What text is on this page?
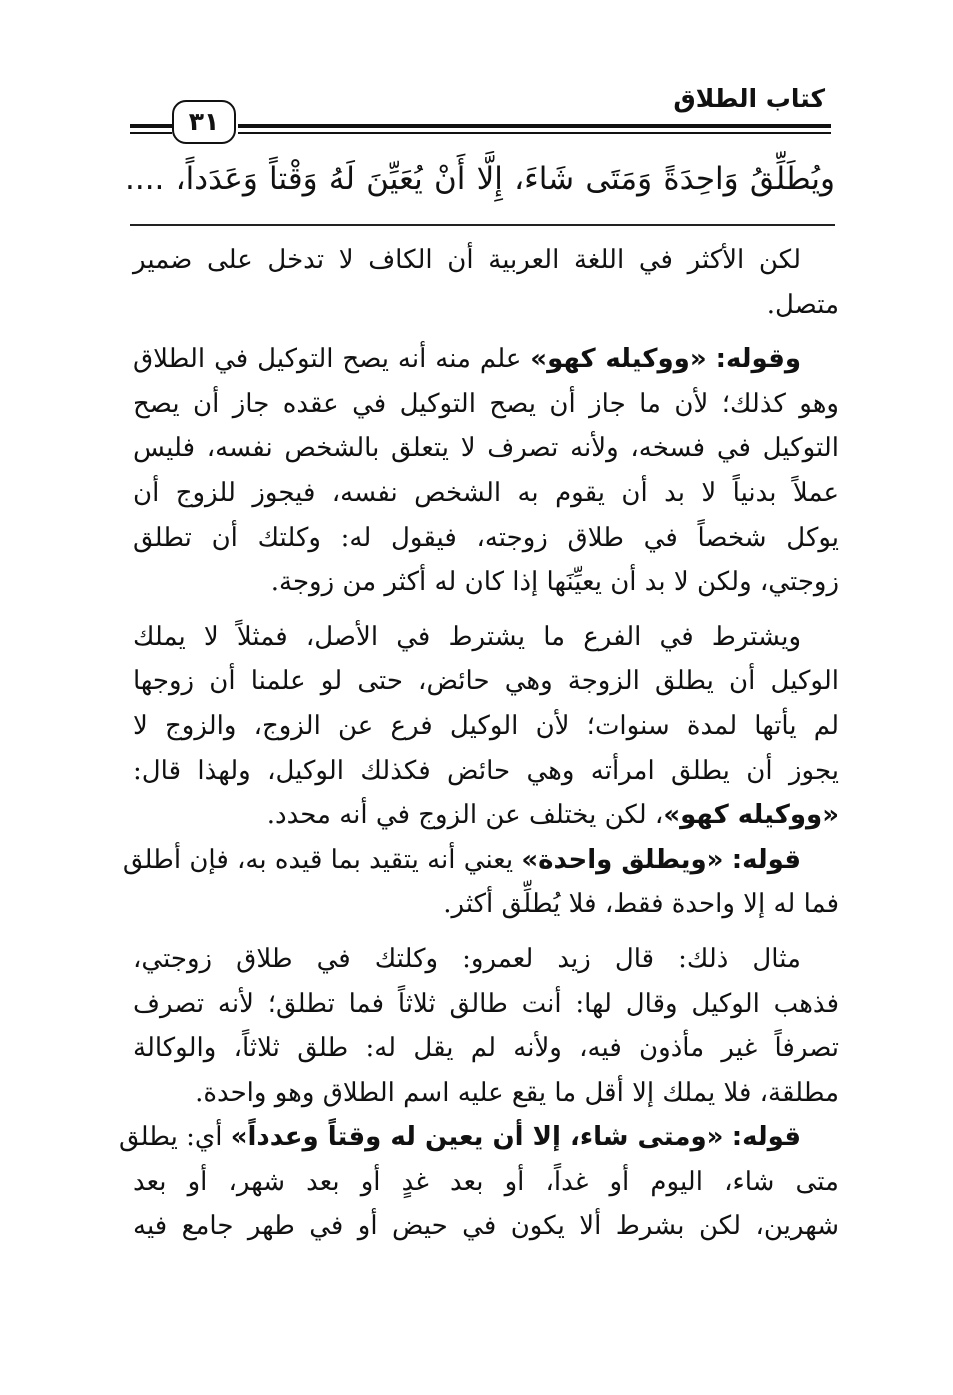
كتاب الطلاق
٣١
ويُطَلِّقُ وَاحِدَةً وَمَتَى شَاءَ، إِلَّا أَنْ يُعَيِّنَ لَهُ وَقْتاً وَعَدَداً، ....
لكن الأكثر في اللغة العربية أن الكاف لا تدخل على ضمير
متصل.
وقوله: «ووكيله كهو» علم منه أنه يصح التوكيل في الطلاق
وهو كذلك؛ لأن ما جاز أن يصح التوكيل في عقده جاز أن يصح
التوكيل في فسخه، ولأنه تصرف لا يتعلق بالشخص نفسه، فليس
عملاً بدنياً لا بد أن يقوم به الشخص نفسه، فيجوز للزوج أن
يوكل شخصاً في طلاق زوجته، فيقول له: وكلتك أن تطلق
زوجتي، ولكن لا بد أن يعيِّنَها إذا كان له أكثر من زوجة.
ويشترط في الفرع ما يشترط في الأصل، فمثلاً لا يملك
الوكيل أن يطلق الزوجة وهي حائض، حتى لو علمنا أن زوجها
لم يأتها لمدة سنوات؛ لأن الوكيل فرع عن الزوج، والزوج لا
يجوز أن يطلق امرأته وهي حائض فكذلك الوكيل، ولهذا قال:
«ووكيله كهو»، لكن يختلف عن الزوج في أنه محدد.
قوله: «ويطلق واحدة» يعني أنه يتقيد بما قيده به، فإن أطلق
فما له إلا واحدة فقط، فلا يُطلِّق أكثر.
مثال ذلك: قال زيد لعمرو: وكلتك في طلاق زوجتي،
فذهب الوكيل وقال لها: أنت طالق ثلاثاً فما تطلق؛ لأنه تصرف
تصرفاً غير مأذون فيه، ولأنه لم يقل له: طلق ثلاثاً، والوكالة
مطلقة، فلا يملك إلا أقل ما يقع عليه اسم الطلاق وهو واحدة.
قوله: «ومتى شاء، إلا أن يعين له وقتاً وعدداً» أي: يطلق
متى شاء، اليوم أو غداً، أو بعد غدٍ أو بعد شهر، أو بعد
شهرين، لكن بشرط ألا يكون في حيض أو في طهر جامع فيه
